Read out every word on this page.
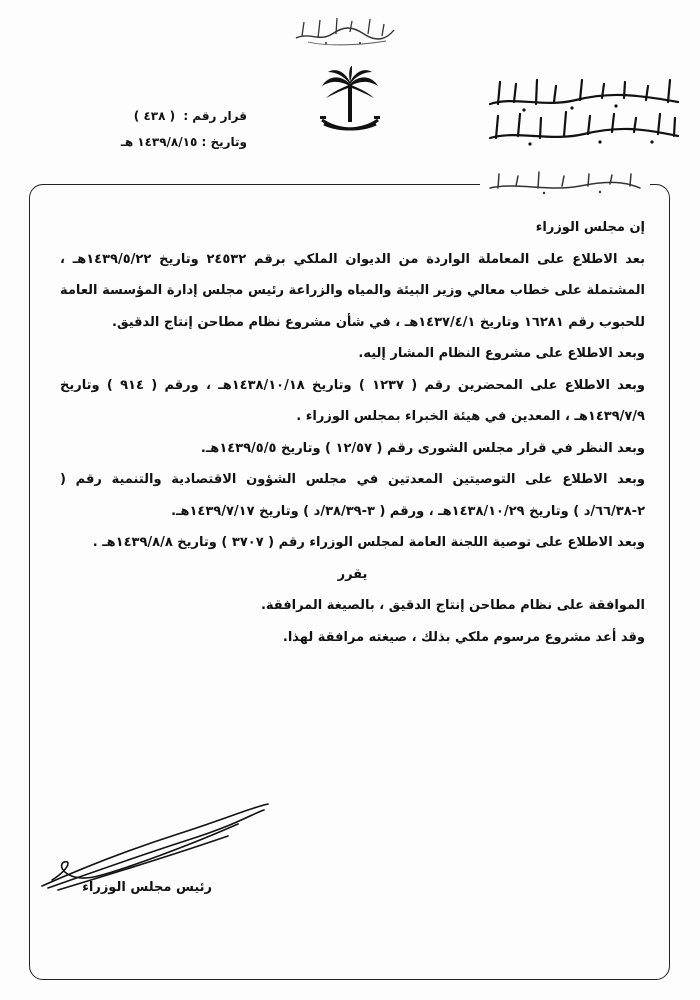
قرار رقم : ( ٤٣٨ )
وتاريخ : ١٤٣٩/٨/١٥هـ

إن مجلس الوزراء

بعد الاطلاع على المعاملة الواردة من الديوان الملكي برقم ٢٤٥٣٢ وتاريخ ١٤٣٩/٥/٢٢هـ ، المشتملة على خطاب معالي وزير البيئة والمياه والزراعة رئيس مجلس إدارة المؤسسة العامة للحبوب رقم ١٦٢٨١ وتاريخ ١٤٣٧/٤/١هـ ، في شأن مشروع نظام مطاحن إنتاج الدقيق.

وبعد الاطلاع على مشروع النظام المشار إليه.

وبعد الاطلاع على المحضرين رقم ( ١٢٣٧ ) وتاريخ ١٤٣٨/١٠/١٨هـ ، ورقم ( ٩١٤ ) وتاريخ ١٤٣٩/٧/٩هـ ، المعدين في هيئة الخبراء بمجلس الوزراء .

وبعد النظر في قرار مجلس الشورى رقم ( ١٢/٥٧ ) وتاريخ ١٤٣٩/٥/٥هـ.

وبعد الاطلاع على التوصيتين المعدتين في مجلس الشؤون الاقتصادية والتنمية رقم ( ٢-٦٦/٣٨/د ) وتاريخ ١٤٣٨/١٠/٢٩هـ ، ورقم ( ٣-٣٨/٣٩/د ) وتاريخ ١٤٣٩/٧/١٧هـ.

وبعد الاطلاع على توصية اللجنة العامة لمجلس الوزراء رقم ( ٣٧٠٧ ) وتاريخ ١٤٣٩/٨/٨هـ .

يقرر

الموافقة على نظام مطاحن إنتاج الدقيق ، بالصيغة المرافقة.

وقد أعد مشروع مرسوم ملكي بذلك ، صيغته مرافقة لهذا.

رئيس مجلس الوزراء
